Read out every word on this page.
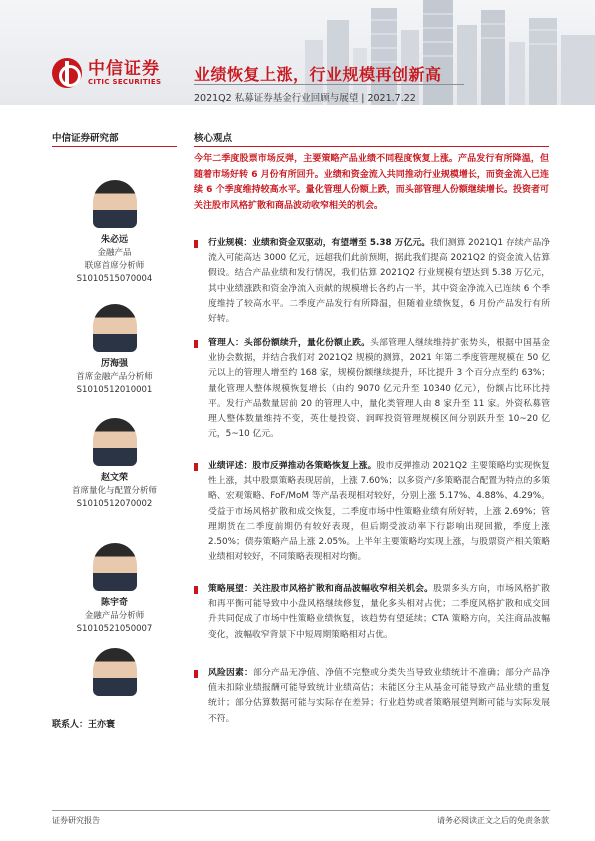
中信证券
CITIC SECURITIES 业绩恢复上涨，行业规模再创新高
2021Q2 私募证券基金行业回顾与展望 | 2021.7.22
中信证券研究部
朱必远
金融产品
联席首席分析师
S1010515070004
厉海强
首席金融产品分析师
S1010512010001
赵文荣
首席量化与配置分析师
S1010512070002
陈宇奇
金融产品分析师
S1010521050007
联系人：王亦寰
核心观点
今年二季度股票市场反弹，主要策略产品业绩不同程度恢复上涨。产品发行有所降温，但随着市场好转 6 月份有所回升。业绩和资金流入共同推动行业规模增长，而资金流入已连续 6 个季度维持较高水平。量化管理人份额上跌，而头部管理人份额继续增长。投资者可关注股市风格扩散和商品波动收窄相关的机会。
行业规模：业绩和资金双驱动，有望增至 5.38 万亿元。我们测算 2021Q1 存续产品净流入可能高达 3000 亿元，远超我们此前预期，据此我们提高 2021Q2 的资金流入估算假设。结合产品业绩和发行情况，我们估算 2021Q2 行业规模有望达到 5.38 万亿元，其中业绩涨跌和资金净流入贡献的规模增长各约占一半，其中资金净流入已连续 6 个季度维持了较高水平。二季度产品发行有所降温，但随着业绩恢复，6 月份产品发行有所好转。
管理人：头部份额续升，量化份额止跌。头部管理人继续维持扩张势头，根据中国基金业协会数据，并结合我们对 2021Q2 规模的测算，2021 年第二季度管理规模在 50 亿元以上的管理人增至约 168 家，规模份额继续提升，环比提升 3 个百分点至约 63%；量化管理人整体规模恢复增长（由约 9070 亿元升至 10340 亿元），份额占比环比持平。发行产品数量居前 20 的管理人中，量化类管理人由 8 家升至 11 家。外资私募管理人整体数量维持不变，英仕曼投资、润晖投资管理规模区间分别跃升至 10~20 亿元，5~10 亿元。
业绩评述：股市反弹推动各策略恢复上涨。股市反弹推动 2021Q2 主要策略均实现恢复性上涨，其中股票策略表现居前，上涨 7.60%；以多资产/多策略混合配置为特点的多策略、宏观策略、FoF/MoM 等产品表现相对较好，分别上涨 5.17%、4.88%、4.29%。受益于市场风格扩散和成交恢复，二季度市场中性策略业绩有所好转，上涨 2.69%；管理期货在二季度前期仍有较好表现，但后期受波动率下行影响出现回撤，季度上涨 2.50%；债券策略产品上涨 2.05%。上半年主要策略均实现上涨，与股票资产相关策略业绩相对较好，不同策略表现相对均衡。
策略展望：关注股市风格扩散和商品波幅收窄相关机会。股票多头方向，市场风格扩散和再平衡可能导致中小盘风格继续修复，量化多头相对占优；二季度风格扩散和成交回升共同促成了市场中性策略业绩恢复，该趋势有望延续；CTA 策略方向，关注商品波幅变化，波幅收窄背景下中短周期策略相对占优。
风险因素：部分产品无净值、净值不完整或分类失当导致业绩统计不准确；部分产品净值未扣除业绩报酬可能导致统计业绩高估；未能区分主从基金可能导致产品业绩的重复统计；部分估算数据可能与实际存在差异；行业趋势或者策略展望判断可能与实际发展不符。
证券研究报告	请务必阅读正文之后的免责条款
